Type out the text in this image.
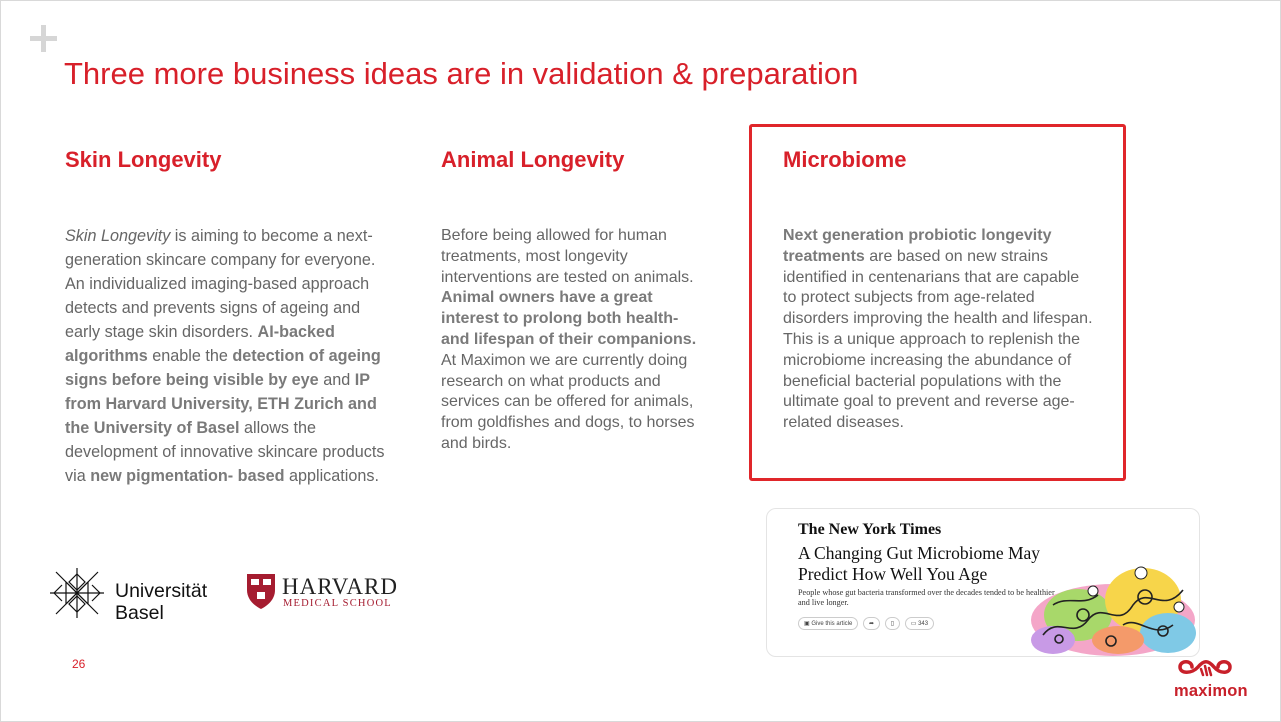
Three more business ideas are in validation & preparation
Skin Longevity	Animal Longevity	Microbiome
Skin Longevity is aiming to become a next-generation skincare company for everyone. An individualized imaging-based approach detects and prevents signs of ageing and early stage skin disorders. AI-backed algorithms enable the detection of ageing signs before being visible by eye and IP from Harvard University, ETH Zurich and the University of Basel allows the development of innovative skincare products via new pigmentation- based applications.
Before being allowed for human treatments, most longevity interventions are tested on animals. Animal owners have a great interest to prolong both health- and lifespan of their companions. At Maximon we are currently doing research on what products and services can be offered for animals, from goldfishes and dogs, to horses and birds.
Next generation probiotic longevity treatments are based on new strains identified in centenarians that are capable to protect subjects from age-related disorders improving the health and lifespan. This is a unique approach to replenish the microbiome increasing the abundance of beneficial bacterial populations with the ultimate goal to prevent and reverse age-related diseases.
Universität
Basel
HARVARD
MEDICAL SCHOOL
26
The New York Times
A Changing Gut Microbiome May Predict How Well You Age
People whose gut bacteria transformed over the decades tended to be healthier and live longer.
▣ Give this article	➦	▯	▭ 343
maximon
